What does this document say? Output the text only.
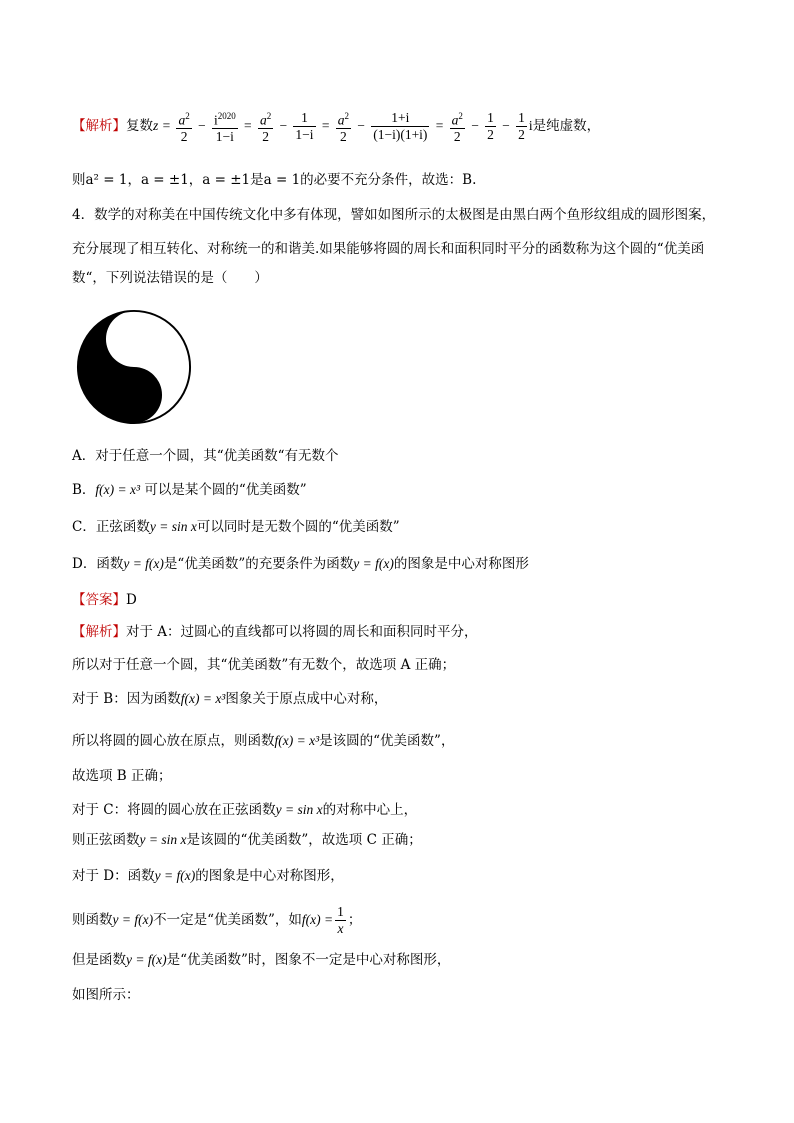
【解析】复数$z = \frac{a^2}{2} - \frac{i^{2020}}{1-i} = \frac{a^2}{2} - \frac{1}{1-i} = \frac{a^2}{2} - \frac{1+i}{(1-i)(1+i)} = \frac{a^2}{2} - \frac{1}{2} - \frac{1}{2}$ i是纯虚数，
则a² = 1，a = ±1，a = ±1是a = 1的必要不充分条件，故选：B.
4．数学的对称美在中国传统文化中多有体现，譬如如图所示的太极图是由黑白两个鱼形纹组成的圆形图案，
充分展现了相互转化、对称统一的和谐美.如果能够将圆的周长和面积同时平分的函数称为这个圆的“优美函
数“，下列说法错误的是（　　）
A．对于任意一个圆，其“优美函数“有无数个
B．f(x) = x³ 可以是某个圆的“优美函数”
C．正弦函数y = sin x可以同时是无数个圆的“优美函数”
D．函数y = f(x)是“优美函数”的充要条件为函数y = f(x)的图象是中心对称图形
【答案】D
【解析】对于 A：过圆心的直线都可以将圆的周长和面积同时平分，
所以对于任意一个圆，其“优美函数”有无数个，故选项 A 正确；
对于 B：因为函数f(x) = x³图象关于原点成中心对称，
所以将圆的圆心放在原点，则函数f(x) = x³是该圆的“优美函数”，
故选项 B 正确；
对于 C：将圆的圆心放在正弦函数y = sin x的对称中心上，
则正弦函数y = sin x是该圆的“优美函数”，故选项 C 正确；
对于 D：函数y = f(x)的图象是中心对称图形，
则函数y = f(x)不一定是“优美函数”，如$f(x) = \frac{1}{x}$ ；
但是函数y = f(x)是“优美函数”时，图象不一定是中心对称图形，
如图所示：
